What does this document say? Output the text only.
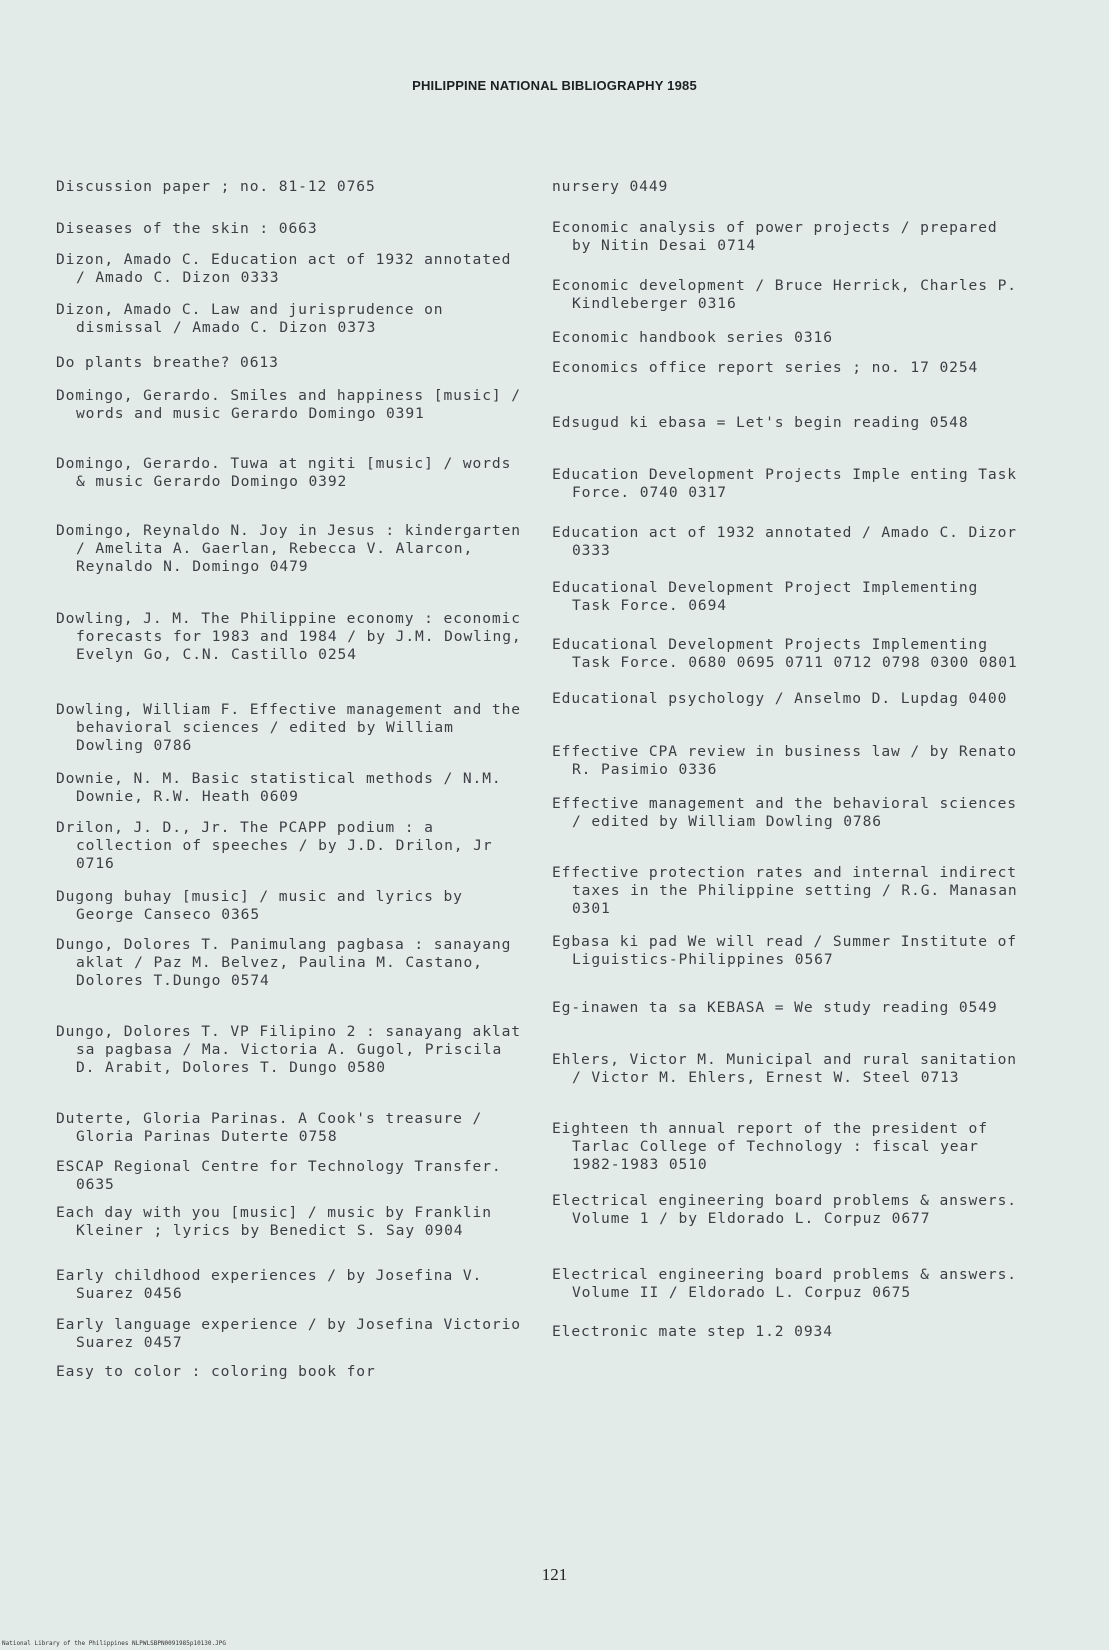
PHILIPPINE NATIONAL BIBLIOGRAPHY 1985
Discussion paper ; no. 81-12 0765
Diseases of the skin : 0663
Dizon, Amado C. Education act of 1932 annotated / Amado C. Dizon 0333
Dizon, Amado C. Law and jurisprudence on dismissal / Amado C. Dizon 0373
Do plants breathe? 0613
Domingo, Gerardo. Smiles and happiness [music] / words and music Gerardo Domingo 0391
Domingo, Gerardo. Tuwa at ngiti [music] / words & music Gerardo Domingo 0392
Domingo, Reynaldo N. Joy in Jesus : kindergarten / Amelita A. Gaerlan, Rebecca V. Alarcon, Reynaldo N. Domingo 0479
Dowling, J. M. The Philippine economy : economic forecasts for 1983 and 1984 / by J.M. Dowling, Evelyn Go, C.N. Castillo 0254
Dowling, William F. Effective management and the behavioral sciences / edited by William Dowling 0786
Downie, N. M. Basic statistical methods / N.M. Downie, R.W. Heath 0609
Drilon, J. D., Jr. The PCAPP podium : a collection of speeches / by J.D. Drilon, Jr 0716
Dugong buhay [music] / music and lyrics by George Canseco 0365
Dungo, Dolores T. Panimulang pagbasa : sanayang aklat / Paz M. Belvez, Paulina M. Castano, Dolores T.Dungo 0574
Dungo, Dolores T. VP Filipino 2 : sanayang aklat sa pagbasa / Ma. Victoria A. Gugol, Priscila D. Arabit, Dolores T. Dungo 0580
Duterte, Gloria Parinas. A Cook's treasure / Gloria Parinas Duterte 0758
ESCAP Regional Centre for Technology Transfer. 0635
Each day with you [music] / music by Franklin Kleiner ; lyrics by Benedict S. Say 0904
Early childhood experiences / by Josefina V. Suarez 0456
Early language experience / by Josefina Victorio Suarez 0457
Easy to color : coloring book for
nursery 0449
Economic analysis of power projects / prepared by Nitin Desai 0714
Economic development / Bruce Herrick, Charles P. Kindleberger 0316
Economic handbook series 0316
Economics office report series ; no. 17 0254
Edsugud ki ebasa = Let's begin reading 0548
Education Development Projects Imple enting Task Force. 0740 0317
Education act of 1932 annotated / Amado C. Dizor 0333
Educational Development Project Implementing Task Force. 0694
Educational Development Projects Implementing Task Force. 0680 0695 0711 0712 0798 0300 0801
Educational psychology / Anselmo D. Lupdag 0400
Effective CPA review in business law / by Renato R. Pasimio 0336
Effective management and the behavioral sciences / edited by William Dowling 0786
Effective protection rates and internal indirect taxes in the Philippine setting / R.G. Manasan 0301
Egbasa ki pad We will read / Summer Institute of Liguistics-Philippines 0567
Eg-inawen ta sa KEBASA = We study reading 0549
Ehlers, Victor M. Municipal and rural sanitation / Victor M. Ehlers, Ernest W. Steel 0713
Eighteen th annual report of the president of Tarlac College of Technology : fiscal year 1982-1983 0510
Electrical engineering board problems & answers. Volume 1 / by Eldorado L. Corpuz 0677
Electrical engineering board problems & answers. Volume II / Eldorado L. Corpuz 0675
Electronic mate step 1.2 0934
121
National Library of the Philippines NLPWLSBPN0091985p10130.JPG
